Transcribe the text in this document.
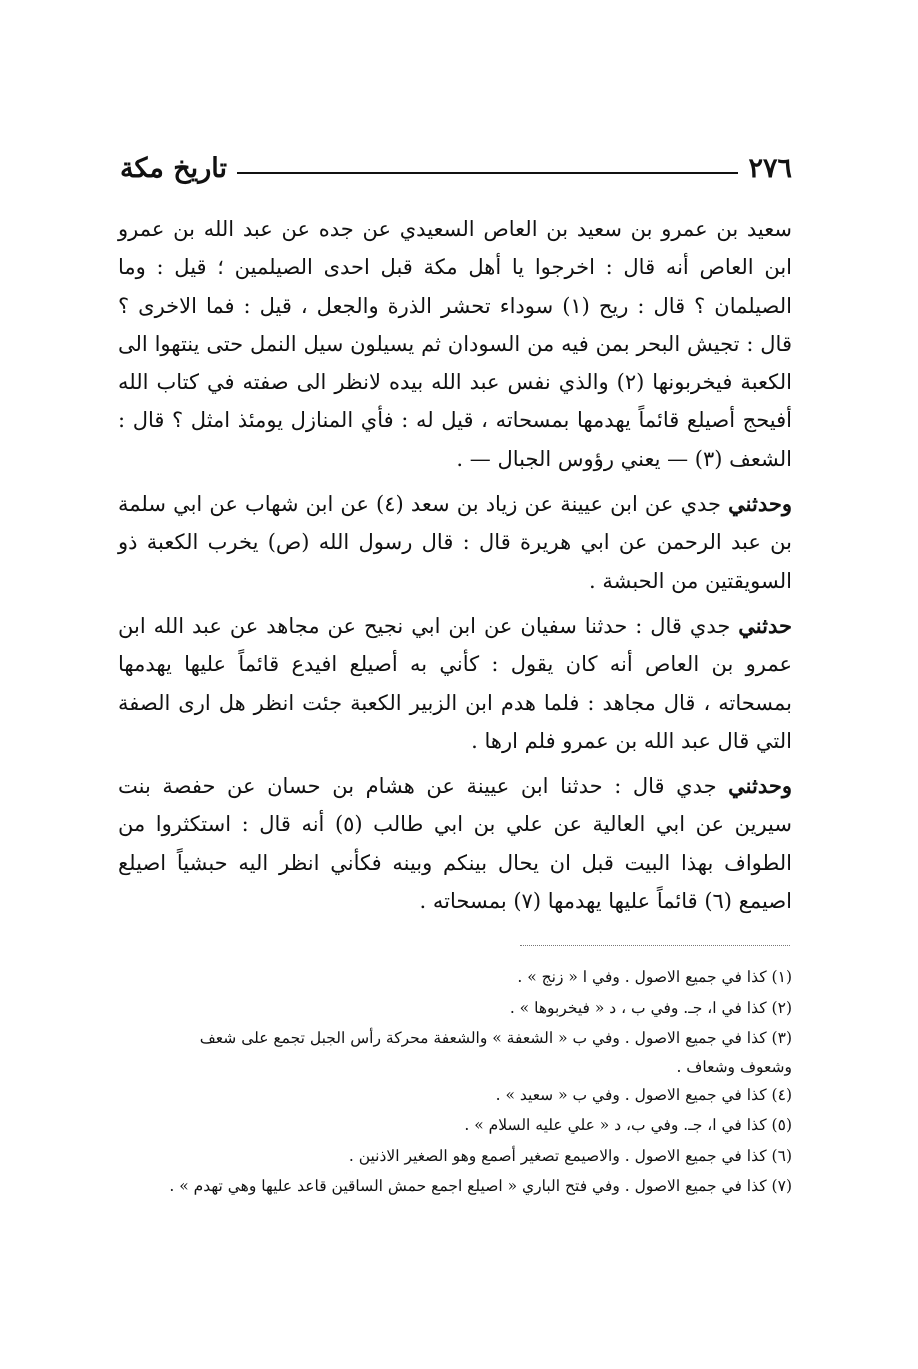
٢٧٦
تاريخ مكة

سعيد بن عمرو بن سعيد بن العاص السعيدي عن جده عن عبد الله بن عمرو ابن العاص أنه قال : اخرجوا يا أهل مكة قبل احدى الصيلمين ؛ قيل : وما الصيلمان ؟ قال : ريح (١) سوداء تحشر الذرة والجعل ، قيل : فما الاخرى ؟ قال : تجيش البحر بمن فيه من السودان ثم يسيلون سيل النمل حتى ينتهوا الى الكعبة فيخربونها (٢) والذي نفس عبد الله بيده لانظر الى صفته في كتاب الله أفيحج أصيلع قائماً يهدمها بمسحاته ، قيل له : فأي المنازل يومئذ امثل ؟ قال : الشعف (٣) — يعني رؤوس الجبال — .

وحدثني جدي عن ابن عيينة عن زياد بن سعد (٤) عن ابن شهاب عن ابي سلمة بن عبد الرحمن عن ابي هريرة قال : قال رسول الله (ص) يخرب الكعبة ذو السويقتين من الحبشة .

حدثني جدي قال : حدثنا سفيان عن ابن ابي نجيح عن مجاهد عن عبد الله ابن عمرو بن العاص أنه كان يقول : كأني به أصيلع افيدع قائماً عليها يهدمها بمسحاته ، قال مجاهد : فلما هدم ابن الزبير الكعبة جئت انظر هل ارى الصفة التي قال عبد الله بن عمرو فلم ارها .

وحدثني جدي قال : حدثنا ابن عيينة عن هشام بن حسان عن حفصة بنت سيرين عن ابي العالية عن علي بن ابي طالب (٥) أنه قال : استكثروا من الطواف بهذا البيت قبل ان يحال بينكم وبينه فكأني انظر اليه حبشياً اصيلع اصيمع (٦) قائماً عليها يهدمها (٧) بمسحاته .

(١) كذا في جميع الاصول . وفي ا « زنج » .
(٢) كذا في ا، جـ. وفي ب ، د « فيخربوها » .
(٣) كذا في جميع الاصول . وفي ب « الشعفة » والشعفة محركة رأس الجبل تجمع على شعف
وشعوف وشعاف .
(٤) كذا في جميع الاصول . وفي ب « سعيد » .
(٥) كذا في ا، جـ. وفي ب، د « علي عليه السلام » .
(٦) كذا في جميع الاصول . والاصيمع تصغير أصمع وهو الصغير الاذنين .
(٧) كذا في جميع الاصول . وفي فتح الباري « اصيلع اجمع حمش الساقين قاعد عليها وهي تهدم » .
